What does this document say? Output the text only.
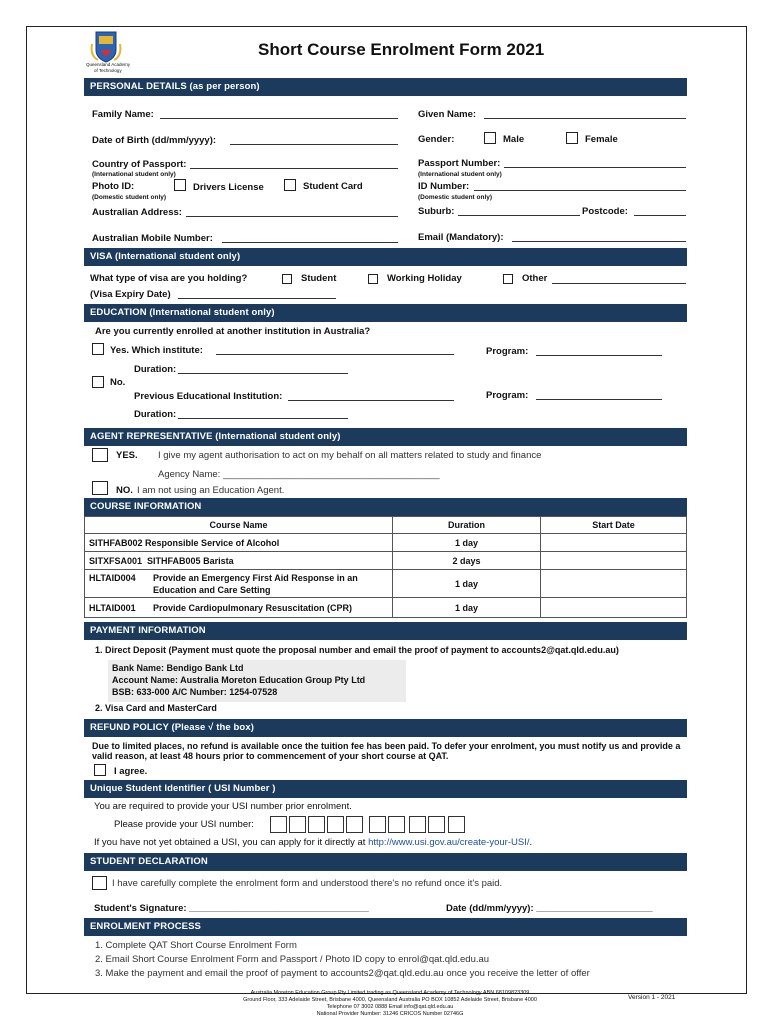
Queensland Academy
of Technology
Short Course Enrolment Form 2021
PERSONAL DETAILS (as per person)
Family Name:	Given Name:
Date of Birth (dd/mm/yyyy):	Gender:	Male	Female
Country of Passport:
(International student only)
Passport Number:
(International student only)
Photo ID:	Drivers License	Student Card
(Domestic student only)
ID Number:
(Domestic student only)
Australian Address:	Suburb:	Postcode:
Australian Mobile Number:	Email (Mandatory):
VISA (International student only)
What type of visa are you holding?	Student	Working Holiday	Other
(Visa Expiry Date)
EDUCATION (International student only)
Are you currently enrolled at another institution in Australia?
Yes. Which institute:	Program:
Duration:
No.
Previous Educational Institution:	Program:
Duration:
AGENT REPRESENTATIVE (International student only)
YES. I give my agent authorisation to act on my behalf on all matters related to study and finance
Agency Name: _________________________________________
NO. I am not using an Education Agent.
COURSE INFORMATION
Course Name	Duration	Start Date
SITHFAB002 Responsible Service of Alcohol	1 day	
SITXFSA001 SITHFAB005 Barista	2 days	
HLTAID004 Provide an Emergency First Aid Response in an Education and Care Setting	1 day	
HLTAID001 Provide Cardiopulmonary Resuscitation (CPR)	1 day	
PAYMENT INFORMATION
1. Direct Deposit (Payment must quote the proposal number and email the proof of payment to accounts2@qat.qld.edu.au)
Bank Name: Bendigo Bank Ltd
Account Name: Australia Moreton Education Group Pty Ltd
BSB: 633-000 A/C Number: 1254-07528
2. Visa Card and MasterCard
REFUND POLICY (Please √ the box)
Due to limited places, no refund is available once the tuition fee has been paid. To defer your enrolment, you must notify us and provide a valid reason, at least 48 hours prior to commencement of your short course at QAT.
I agree.
Unique Student Identifier ( USI Number )
You are required to provide your USI number prior enrolment.
Please provide your USI number:
If you have not yet obtained a USI, you can apply for it directly at http://www.usi.gov.au/create-your-USI/.
STUDENT DECLARATION
I have carefully complete the enrolment form and understood there's no refund once it's paid.
Student's Signature: __________________________________	Date (dd/mm/yyyy): ______________________
ENROLMENT PROCESS
1. Complete QAT Short Course Enrolment Form
2. Email Short Course Enrolment Form and Passport / Photo ID copy to enrol@qat.qld.edu.au
3. Make the payment and email the proof of payment to accounts2@qat.qld.edu.au once you receive the letter of offer
Australia Moreton Education Group Pty Limited trading as Queensland Academy of Technology ABN 68109823309
Ground Floor, 333 Adelaide Street, Brisbane 4000, Queensland Australia PO BOX 10852 Adelaide Street, Brisbane 4000
Telephone 07 3002 0888 Email info@qat.qld.edu.au
National Provider Number: 31246 CRICOS Number 02746G
Version 1 - 2021
